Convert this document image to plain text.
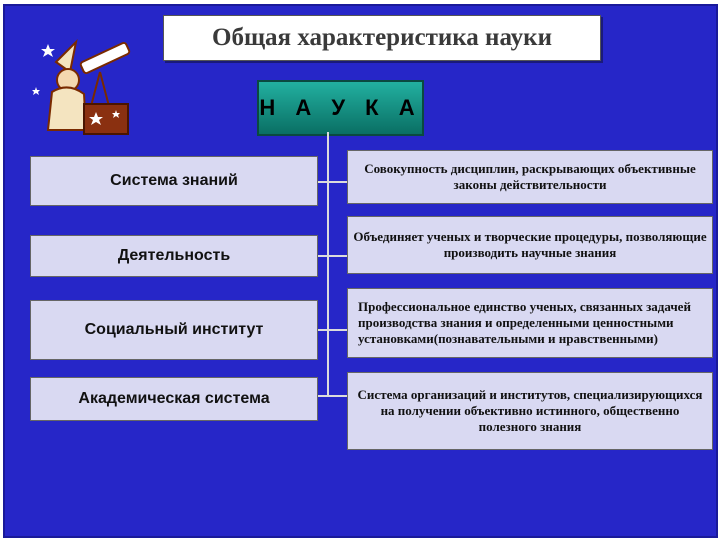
Общая характеристика науки
Н А У К А
Система знаний
Деятельность
Социальный институт
Академическая система
Совокупность дисциплин, раскрывающих объективные законы действительности
Объединяет ученых и творческие процедуры, позволяющие производить научные знания
Профессиональное единство ученых, связанных задачей производства знания и определенными ценностными установками(познавательными и нравственными)
Система организаций и институтов, специализирующихся на получении объективно истинного, общественно полезного знания
